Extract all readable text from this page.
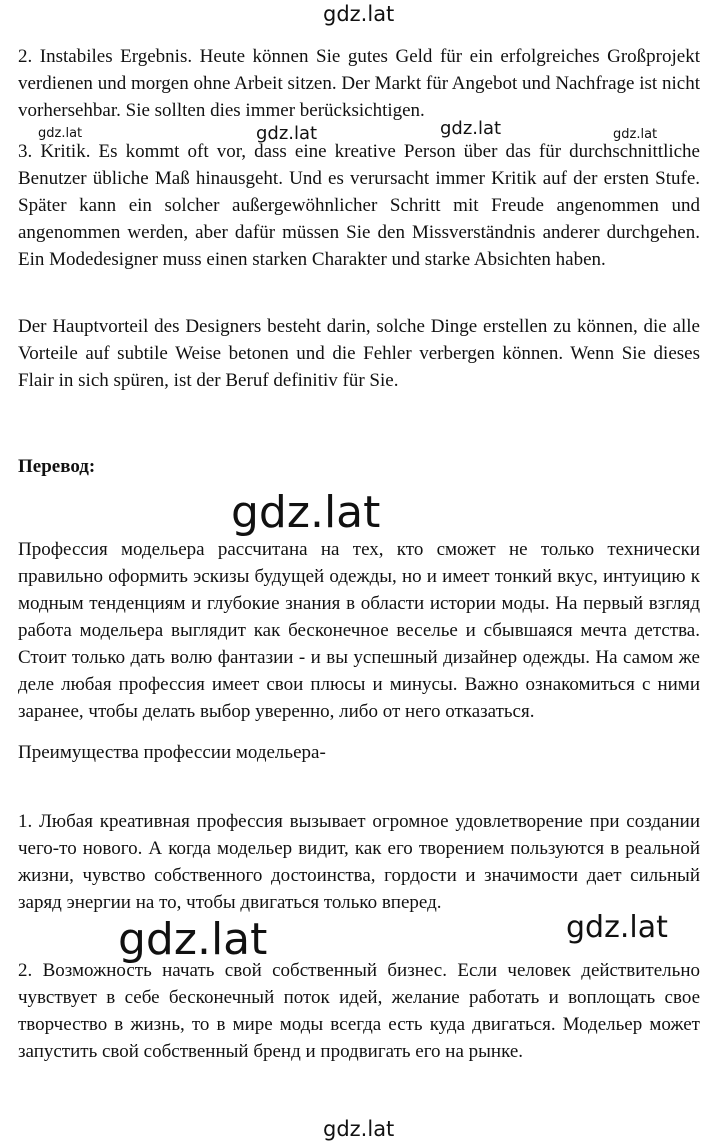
gdz.lat

2. Instabiles Ergebnis. Heute können Sie gutes Geld für ein erfolgreiches Großprojekt verdienen und morgen ohne Arbeit sitzen. Der Markt für Angebot und Nachfrage ist nicht vorhersehbar. Sie sollten dies immer berücksichtigen.

3. Kritik. Es kommt oft vor, dass eine kreative Person über das für durchschnittliche Benutzer übliche Maß hinausgeht. Und es verursacht immer Kritik auf der ersten Stufe. Später kann ein solcher außergewöhnlicher Schritt mit Freude angenommen und angenommen werden, aber dafür müssen Sie den Missverständnis anderer durchgehen. Ein Modedesigner muss einen starken Charakter und starke Absichten haben.

gdz.lat	gdz.lat	gdz.lat	gdz.lat

Der Hauptvorteil des Designers besteht darin, solche Dinge erstellen zu können, die alle Vorteile auf subtile Weise betonen und die Fehler verbergen können. Wenn Sie dieses Flair in sich spüren, ist der Beruf definitiv für Sie.

Перевод:

gdz.lat

Профессия модельера рассчитана на тех, кто сможет не только технически правильно оформить эскизы будущей одежды, но и имеет тонкий вкус, интуицию к модным тенденциям и глубокие знания в области истории моды. На первый взгляд работа модельера выглядит как бесконечное веселье и сбывшаяся мечта детства. Стоит только дать волю фантазии - и вы успешный дизайнер одежды. На самом же деле любая профессия имеет свои плюсы и минусы. Важно ознакомиться с ними заранее, чтобы делать выбор уверенно, либо от него отказаться.

Преимущества профессии модельера-

1. Любая креативная профессия вызывает огромное удовлетворение при создании чего-то нового. А когда модельер видит, как его творением пользуются в реальной жизни, чувство собственного достоинства, гордости и значимости дает сильный заряд энергии на то, чтобы двигаться только вперед.

gdz.lat	gdz.lat

2. Возможность начать свой собственный бизнес. Если человек действительно чувствует в себе бесконечный поток идей, желание работать и воплощать свое творчество в жизнь, то в мире моды всегда есть куда двигаться. Модельер может запустить свой собственный бренд и продвигать его на рынке.

gdz.lat
